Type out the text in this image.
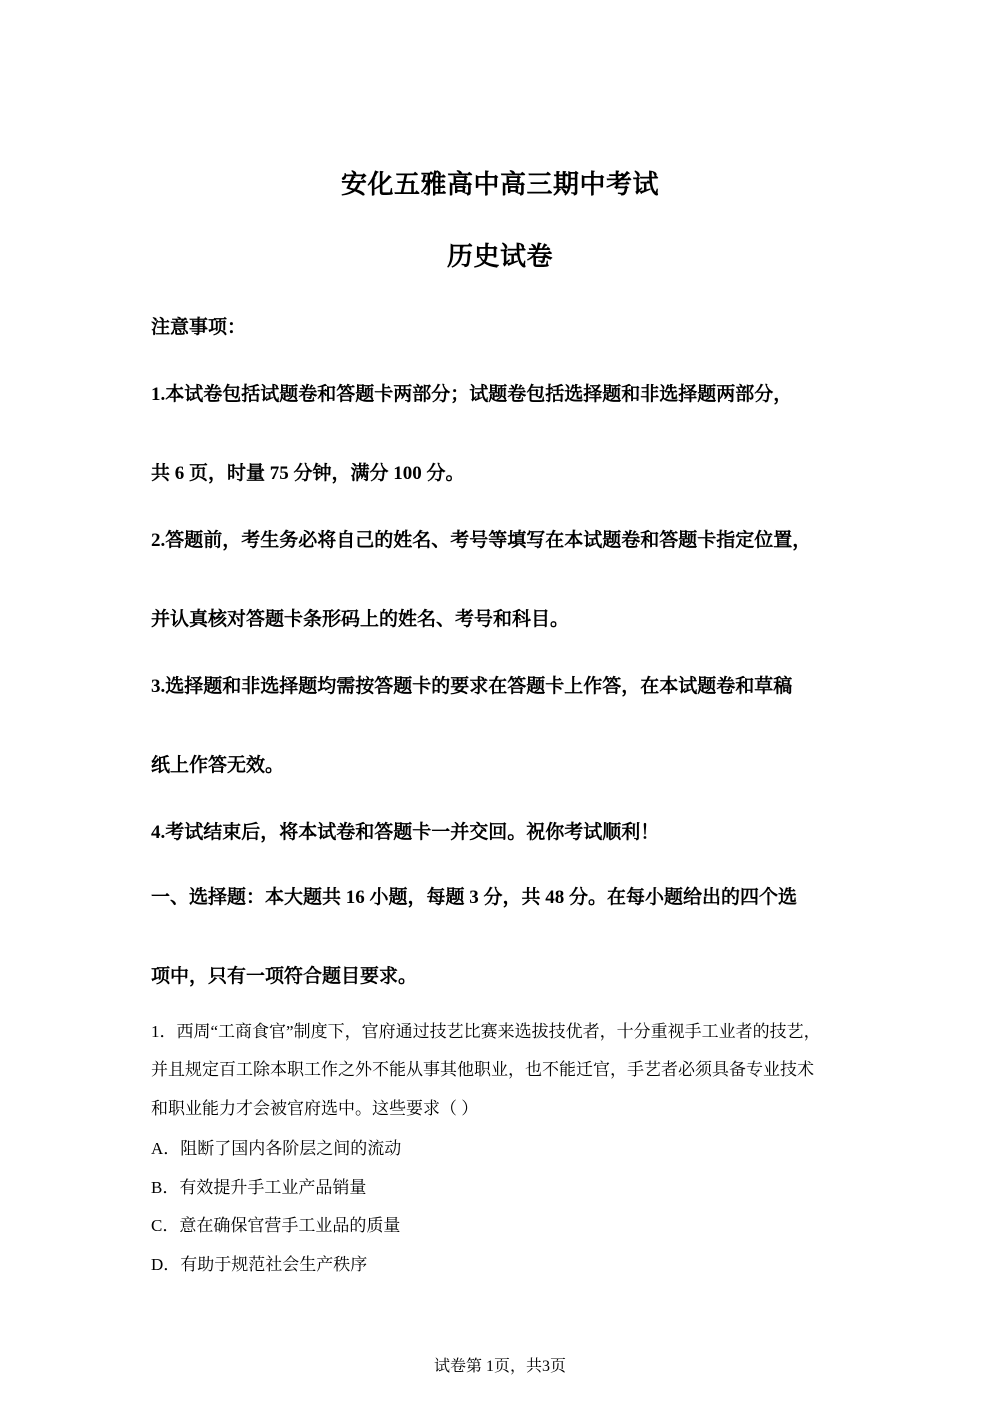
安化五雅高中高三期中考试
历史试卷
注意事项：
1.本试卷包括试题卷和答题卡两部分；试题卷包括选择题和非选择题两部分，
共 6 页，时量 75 分钟，满分 100 分。
2.答题前，考生务必将自己的姓名、考号等填写在本试题卷和答题卡指定位置，
并认真核对答题卡条形码上的姓名、考号和科目。
3.选择题和非选择题均需按答题卡的要求在答题卡上作答，在本试题卷和草稿
纸上作答无效。
4.考试结束后，将本试卷和答题卡一并交回。祝你考试顺利！
一、选择题：本大题共 16 小题，每题 3 分，共 48 分。在每小题给出的四个选
项中，只有一项符合题目要求。
1．西周“工商食官”制度下，官府通过技艺比赛来选拔技优者，十分重视手工业者的技艺，
并且规定百工除本职工作之外不能从事其他职业，也不能迁官，手艺者必须具备专业技术
和职业能力才会被官府选中。这些要求（ ）
A．阻断了国内各阶层之间的流动
B．有效提升手工业产品销量
C．意在确保官营手工业品的质量
D．有助于规范社会生产秩序
试卷第 1页，共3页
